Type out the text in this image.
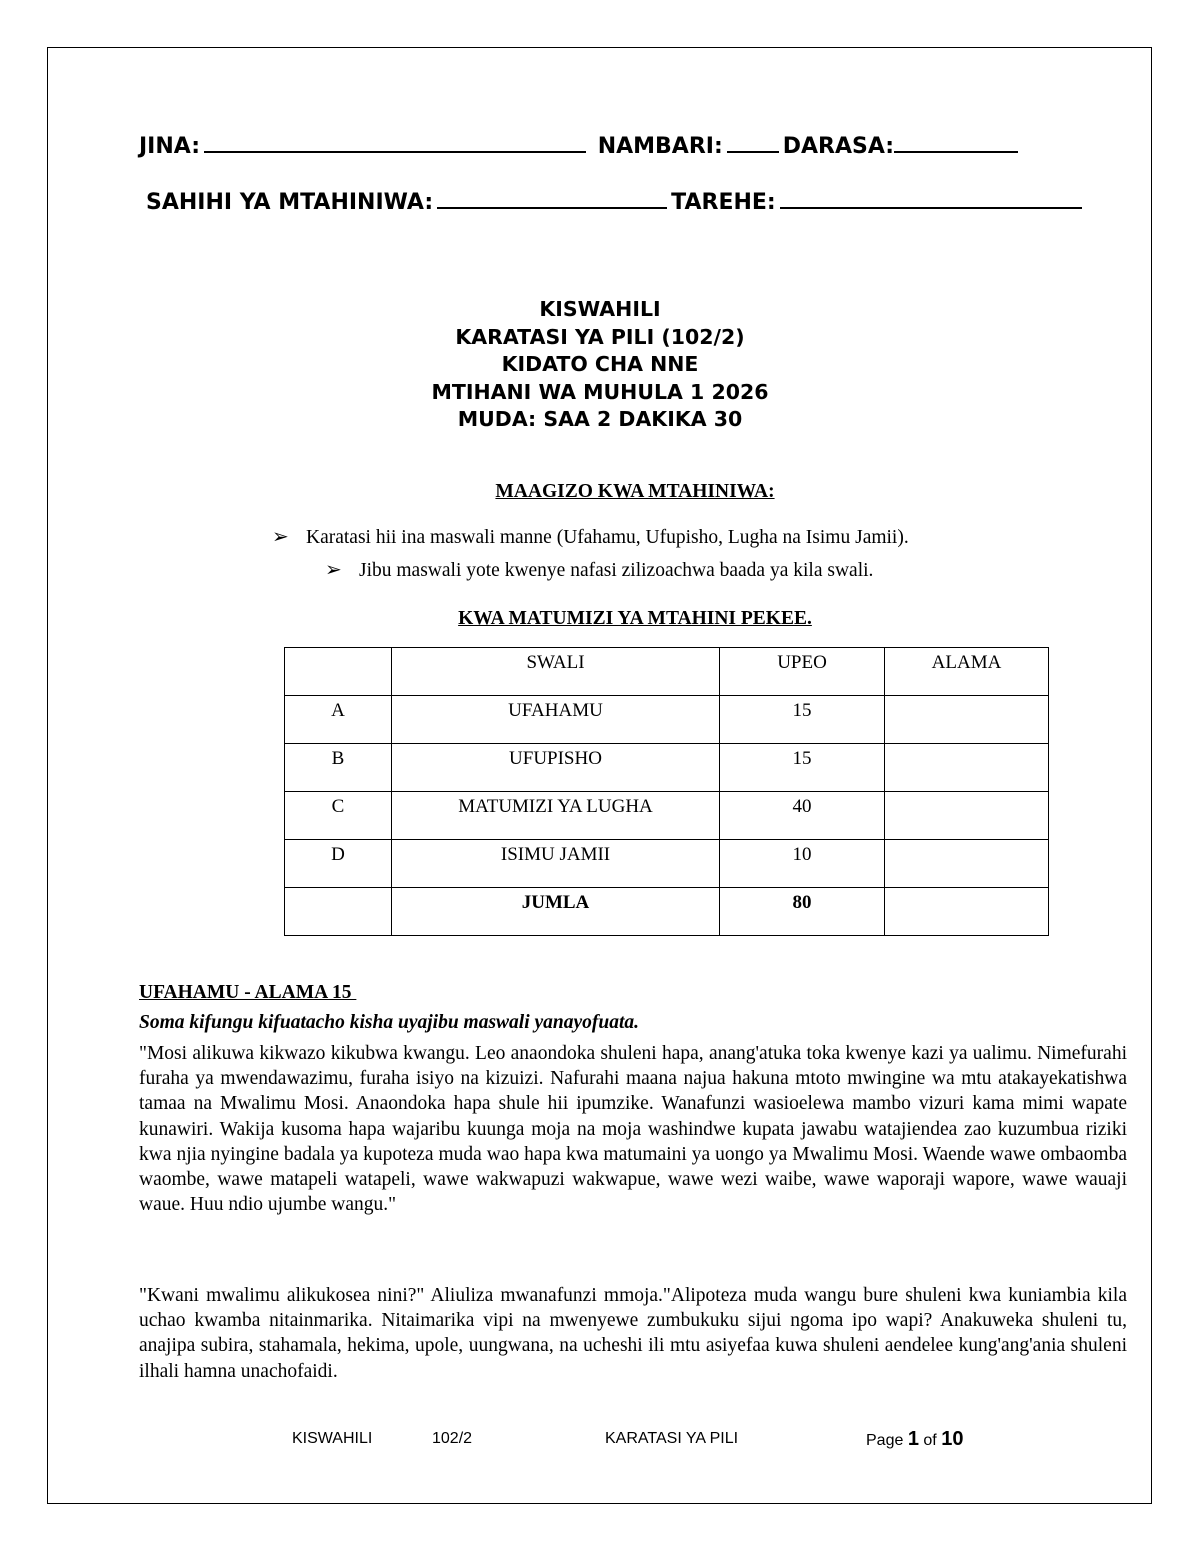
JINA:	NAMBARI:	DARASA:
SAHIHI YA MTAHINIWA:	TAREHE:
KISWAHILI
KARATASI YA PILI (102/2)
KIDATO CHA NNE
MTIHANI WA MUHULA 1 2026
MUDA: SAA 2 DAKIKA 30
MAAGIZO KWA MTAHINIWA:
➢ Karatasi hii ina maswali manne (Ufahamu, Ufupisho, Lugha na Isimu Jamii).
➢ Jibu maswali yote kwenye nafasi zilizoachwa baada ya kila swali.
KWA MATUMIZI YA MTAHINI PEKEE.
	SWALI	UPEO	ALAMA
A	UFAHAMU	15	
B	UFUPISHO	15	
C	MATUMIZI YA LUGHA	40	
D	ISIMU JAMII	10	
	JUMLA	80	
UFAHAMU - ALAMA 15
Soma kifungu kifuatacho kisha uyajibu maswali yanayofuata.
"Mosi alikuwa kikwazo kikubwa kwangu. Leo anaondoka shuleni hapa, anang'atuka toka kwenye kazi ya ualimu. Nimefurahi furaha ya mwendawazimu, furaha isiyo na kizuizi. Nafurahi maana najua hakuna mtoto mwingine wa mtu atakayekatishwa tamaa na Mwalimu Mosi. Anaondoka hapa shule hii ipumzike. Wanafunzi wasioelewa mambo vizuri kama mimi wapate kunawiri. Wakija kusoma hapa wajaribu kuunga moja na moja washindwe kupata jawabu watajiendea zao kuzumbua riziki kwa njia nyingine badala ya kupoteza muda wao hapa kwa matumaini ya uongo ya Mwalimu Mosi. Waende wawe ombaomba waombe, wawe matapeli watapeli, wawe wakwapuzi wakwapue, wawe wezi waibe, wawe waporaji wapore, wawe wauaji waue. Huu ndio ujumbe wangu."
"Kwani mwalimu alikukosea nini?" Aliuliza mwanafunzi mmoja."Alipoteza muda wangu bure shuleni kwa kuniambia kila uchao kwamba nitainmarika. Nitaimarika vipi na mwenyewe zumbukuku sijui ngoma ipo wapi? Anakuweka shuleni tu, anajipa subira, stahamala, hekima, upole, uungwana, na ucheshi ili mtu asiyefaa kuwa shuleni aendelee kung'ang'ania shuleni ilhali hamna unachofaidi.
KISWAHILI	102/2	KARATASI YA PILI	Page 1 of 10
